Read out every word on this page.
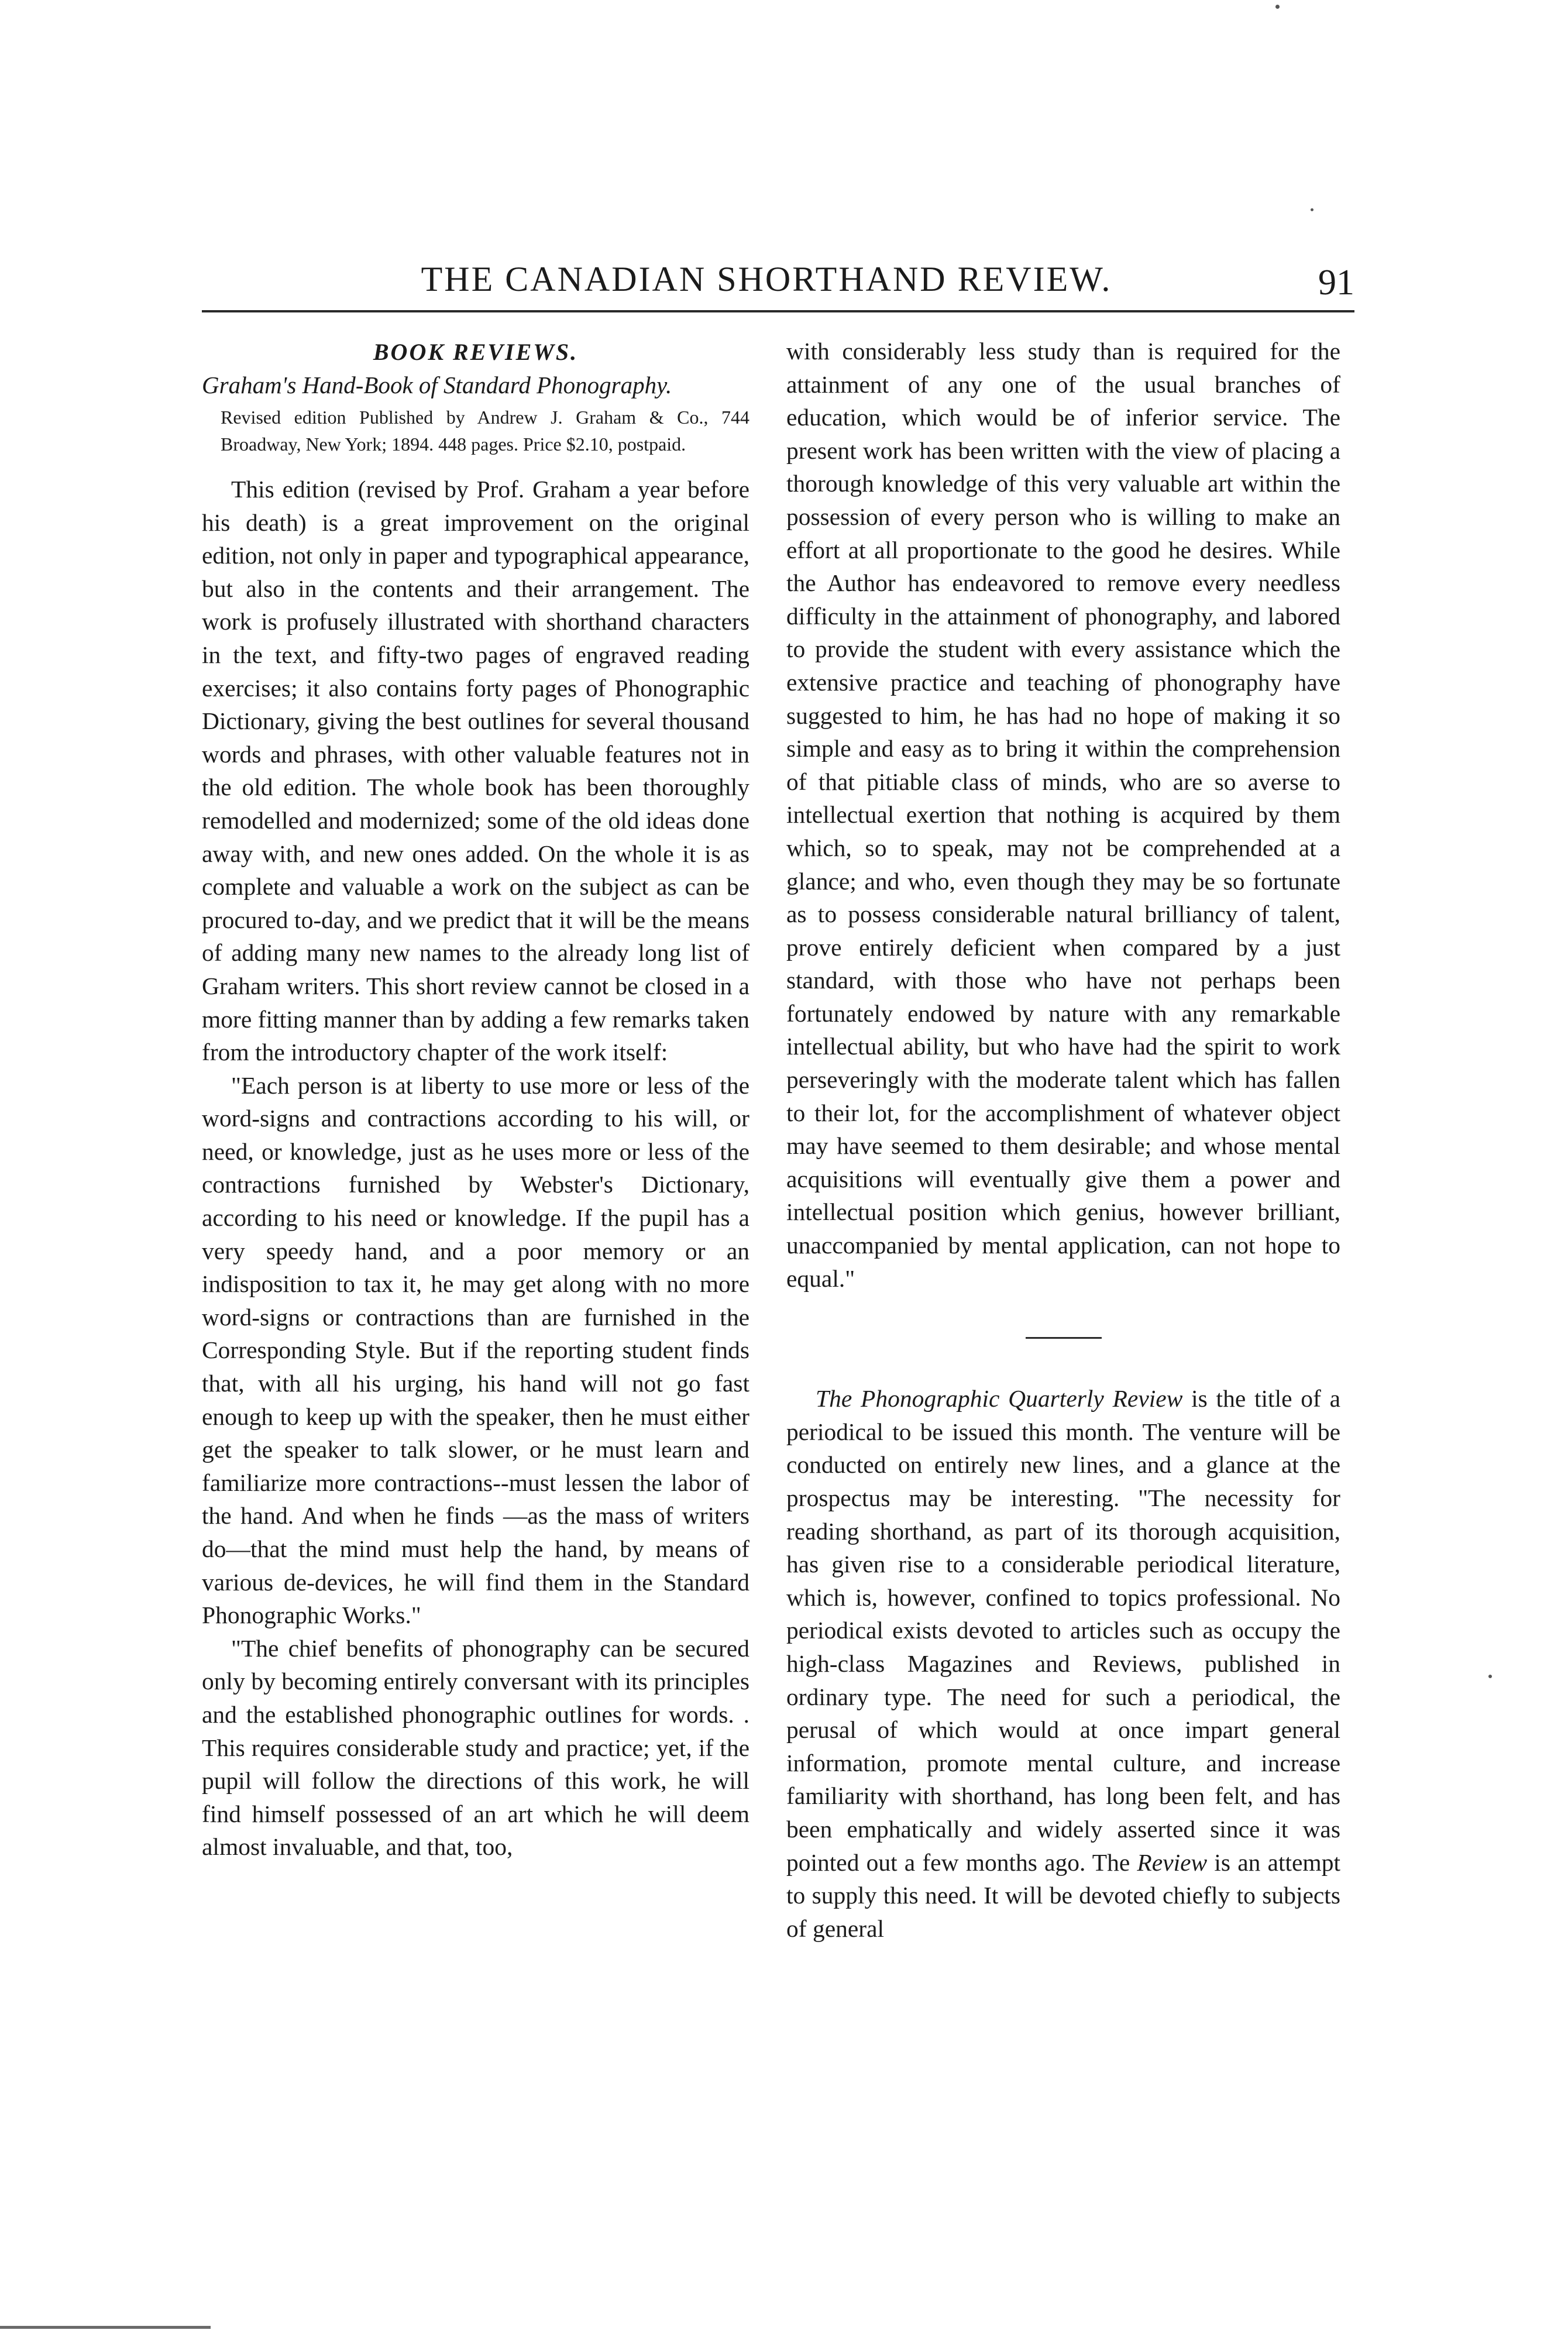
THE CANADIAN SHORTHAND REVIEW.	91
BOOK REVIEWS.
Graham's Hand-Book of Standard Phonography.
Revised edition Published by Andrew J. Graham & Co., 744 Broadway, New York; 1894. 448 pages. Price $2.10, postpaid.

This edition (revised by Prof. Graham a year before his death) is a great improvement on the original edition, not only in paper and typographical appearance, but also in the contents and their arrangement. The work is profusely illustrated with shorthand characters in the text, and fifty-two pages of engraved reading exercises; it also contains forty pages of Phonographic Dictionary, giving the best outlines for several thousand words and phrases, with other valuable features not in the old edition. The whole book has been thoroughly remodelled and modernized; some of the old ideas done away with, and new ones added. On the whole it is as complete and valuable a work on the subject as can be procured to-day, and we predict that it will be the means of adding many new names to the already long list of Graham writers. This short review cannot be closed in a more fitting manner than by adding a few remarks taken from the introductory chapter of the work itself:

"Each person is at liberty to use more or less of the word-signs and contractions according to his will, or need, or knowledge, just as he uses more or less of the contractions furnished by Webster's Dictionary, according to his need or knowledge. If the pupil has a very speedy hand, and a poor memory or an indisposition to tax it, he may get along with no more word-signs or contractions than are furnished in the Corresponding Style. But if the reporting student finds that, with all his urging, his hand will not go fast enough to keep up with the speaker, then he must either get the speaker to talk slower, or he must learn and familiarize more contractions--must lessen the labor of the hand. And when he finds —as the mass of writers do—that the mind must help the hand, by means of various de-devices, he will find them in the Standard Phonographic Works."

"The chief benefits of phonography can be secured only by becoming entirely conversant with its principles and the established phonographic outlines for words. . This requires considerable study and practice; yet, if the pupil will follow the directions of this work, he will find himself possessed of an art which he will deem almost invaluable, and that, too,

with considerably less study than is required for the attainment of any one of the usual branches of education, which would be of inferior service. The present work has been written with the view of placing a thorough knowledge of this very valuable art within the possession of every person who is willing to make an effort at all proportionate to the good he desires. While the Author has endeavored to remove every needless difficulty in the attainment of phonography, and labored to provide the student with every assistance which the extensive practice and teaching of phonography have suggested to him, he has had no hope of making it so simple and easy as to bring it within the comprehension of that pitiable class of minds, who are so averse to intellectual exertion that nothing is acquired by them which, so to speak, may not be comprehended at a glance; and who, even though they may be so fortunate as to possess considerable natural brilliancy of talent, prove entirely deficient when compared by a just standard, with those who have not perhaps been fortunately endowed by nature with any remarkable intellectual ability, but who have had the spirit to work perseveringly with the moderate talent which has fallen to their lot, for the accomplishment of whatever object may have seemed to them desirable; and whose mental acquisitions will eventually give them a power and intellectual position which genius, however brilliant, unaccompanied by mental application, can not hope to equal."

The Phonographic Quarterly Review is the title of a periodical to be issued this month. The venture will be conducted on entirely new lines, and a glance at the prospectus may be interesting. "The necessity for reading shorthand, as part of its thorough acquisition, has given rise to a considerable periodical literature, which is, however, confined to topics professional. No periodical exists devoted to articles such as occupy the high-class Magazines and Reviews, published in ordinary type. The need for such a periodical, the perusal of which would at once impart general information, promote mental culture, and increase familiarity with shorthand, has long been felt, and has been emphatically and widely asserted since it was pointed out a few months ago. The Review is an attempt to supply this need. It will be devoted chiefly to subjects of general
